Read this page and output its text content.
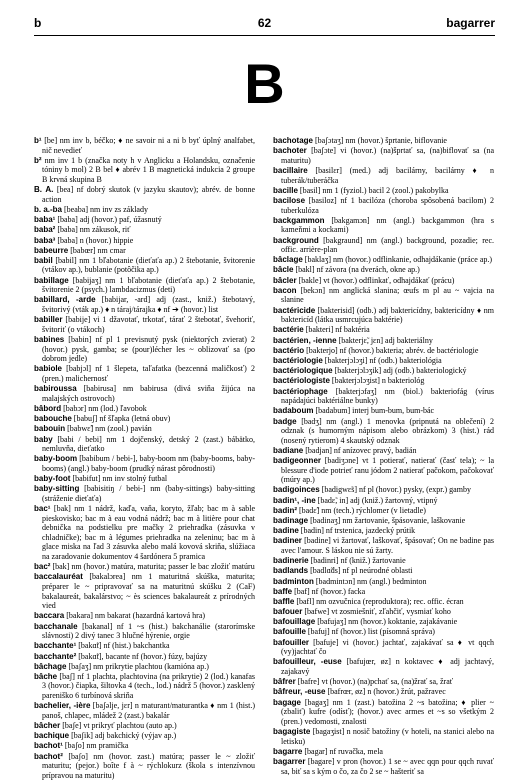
b	62	bagarrer
B
b¹ [be] nm inv b, béčko; ♦ ne savoir ni a ni b byť úplný analfabet, nič nevedieť
b² nm inv 1 b (značka noty h v Anglicku a Holandsku, označenie tóniny b mol) 2 B bel ♦ abrév 1 B magnetická indukcia 2 groupe B krvná skupina B
B. A. [bea] nf dobrý skutok (v jazyku skautov); abrév. de bonne action
b. a.-ba [beaba] nm inv zs základy
baba¹ [baba] adj (hovor.) paf, úžasnutý
baba² [baba] nm zákusok, riť
baba³ [baba] n (hovor.) hippie
babeurre [babœr] nm cmar
babil [babil] nm 1 bľabotanie (dieťaťa ap.) 2 štebotanie, švitorenie (vtákov ap.), bublanie (potôčika ap.)
babillage [babijaʒ] nm 1 bľabotanie (dieťaťa ap.) 2 štebotanie, švitorenie 2 (psych.) lambdacizmus (deti)
babillard, -arde [babijar, -ard] adj (zast., kniž.) štebotavý, švitorivý (vták ap.) ♦ n táraj/tárajka ♦ nf ➔ (hovor.) list
babiller [babije] vi 1 džavotať, trkotať, tárať 2 štebotať, švehoriť, švitoriť (o vtákoch)
babines [babin] nf pl 1 previsnutý pysk (niektorých zvierat) 2 (hovor.) pysk, gamba; se (pour)lécher les ~ oblizovať sa (po dobrom jedle)
babiole [babjɔl] nf 1 šlepeta, taľafatka (bezcenná maličkosť) 2 (pren.) malichernosť
babiroussa [babirusa] nm babirusa (divá sviňa žijúca na malajských ostrovoch)
bâbord [babɔr] nm (lod.) ľavobok
babouche [babuʃ] nf šľapka (letná obuv)
babouin [babwɛ̃] nm (zool.) pavián
baby [babi / bebi] nm 1 dojčenský, detský 2 (zast.) bábätko, nemluvňa, dieťatko
baby-boom [babibum / bebi-], baby-boom nm (baby-booms, baby-booms) (angl.) baby-boom (prudký nárast pôrodnosti)
baby-foot [babifut] nm inv stolný futbal
baby-sitting [babisitiŋ / bebi-] nm (baby-sittings) baby-sitting (stráženie dieťaťa)
bac¹ [bak] nm 1 nádrž, kaďa, vaňa, koryto, žľab; bac m à sable pieskovisko; bac m à eau vodná nádrž; bac m à litière pour chat debnička na podstielku pre mačky 2 priehradka (zásuvka v chladničke); bac m à légumes priehradka na zeleninu; bac m à glace miska na ľad 3 zásuvka alebo malá kovová skriňa, slúžiaca na zaradovanie dokumentov 4 šardónera 5 pramica
bac² [bak] nm (hovor.) matúra, maturita; passer le bac zložiť matúru
baccalauréat [bakalɔrea] nm 1 maturitná skúška, maturita; préparer le ~ pripravovať sa na maturitnú skúšku 2 (CaF) bakalaureát, bakalárstvo; ~ ès sciences bakalaureát z prírodných vied
baccara [bakara] nm bakarat (hazardná kartová hra)
bacchanale [bakanal] nf 1 ~s (hist.) bakchanálie (starorímske slávnosti) 2 divý tanec 3 hlučné hýrenie, orgie
bacchante¹ [bakɑ̃t] nf (hist.) bakchantka
bacchante² [bakɑ̃t], bacante nf (hovor.) fúzy, bajúzy
bâchage [baʃaʒ] nm prikrytie plachtou (kamióna ap.)
bâche [baʃ] nf 1 plachta, plachtovina (na prikrytie) 2 (lod.) kanafas 3 (hovor.) čiapka, šiltovka 4 (tech., lod.) nádrž 5 (hovor.) zasklený pareniško 6 turbínová skriňa
bachelier, -ière [baʃəlje, jɛr] n maturant/maturantka ♦ nm 1 (hist.) panoš, chlapec, mládež 2 (zast.) bakalár
bâcher [baʃe] vt prikryť plachtou (auto ap.)
bachique [baʃik] adj bakchický (výjav ap.)
bachot¹ [baʃo] nm pramička
bachot² [baʃo] nm (hovor. zast.) matúra; passer le ~ zložiť maturitu; (pejor.) boîte f à ~ rýchlokurz (škola s intenzívnou prípravou na maturitu)
bachotage [baʃɔtaʒ] nm (hovor.) šprtanie, biflovanie
bachoter [baʃɔte] vi (hovor.) (na)šprtať sa, (na)biflovať sa (na maturitu)
bacillaire [basilɛr] (med.) adj bacilárny, bacilárny ♦ n tuberák/tuberáčka
bacille [basil] nm 1 (fyziol.) bacil 2 (zool.) pakobylka
bacilose [basiloz] nf 1 bacilóza (choroba spôsobená bacilom) 2 tuberkulóza
backgammon [bakgamɔn] nm (angl.) backgammon (hra s kameňmi a kockami)
background [bakgraund] nm (angl.) background, pozadie; rec. offic. arrière-plan
bâclage [baklaʒ] nm (hovor.) odflinkanie, odhajdákanie (práce ap.)
bâcle [bakl] nf závora (na dverách, okne ap.)
bâcler [bakle] vt (hovor.) odflinkať, odhajdákať (prácu)
bacon [bekɔn] nm anglická slanina; œufs m pl au ~ vajcia na slanine
bactéricide [bakterisid] (odb.) adj baktericídny, baktericídny ♦ nm baktericíd (látka usmrcujúca baktérie)
bactérie [bakteri] nf baktéria
bactérien, -ienne [bakterjɛ̃, jɛn] adj bakteriálny
bactério [bakterjo] nf (hovor.) bakteria; abrév. de bactériologie
bactériologie [bakterjɔlɔʒi] nf (odb.) bakteriológia
bactériologique [bakterjɔlɔʒik] adj (odb.) bakteriologický
bactériologiste [bakterjɔlɔʒist] n bakteriológ
bactériophage [bakterjɔfaʒ] nm (biol.) bakteriofág (vírus napádajúci baktériálne bunky)
badaboum [badabum] interj bum-bum, bum-bác
badge [badʒ] nm (angl.) 1 menovka (pripnutá na oblečení) 2 odznak (s humorným nápisom alebo obrázkom) 3 (hist.) rád (nosený rytierom) 4 skautský odznak
badiane [badjan] nf anízovec pravý, badián
badigeonner [badiʒɔne] vt 1 potierať, natierať (časť tela); ~ la blessure d'iode potrieť ranu jódom 2 natierať pačokom, pačokovať (múry ap.)
badigoinces [badigwɛ̃s] nf pl (hovor.) pysky, (expr.) gamby
badin¹, -ine [badɛ̃, in] adj (kniž.) žartovný, vtipný
badin² [badɛ̃] nm (tech.) rýchlomer (v lietadle)
badinage [badinaʒ] nm žartovanie, špásovanie, laškovanie
badine [badin] nf trstenica, jazdecký prútik
badiner [badine] vi žartovať, laškovať, špásovať; On ne badine pas avec l'amour. S láskou nie sú žarty.
badinerie [badinri] nf (kniž.) žartovanie
badlands [badlɑ̃ds] nf pl neúrodné oblasti
badminton [badmintɔn] nm (angl.) bedminton
baffe [baf] nf (hovor.) facka
baffle [bafl] nm ozvučnica (reproduktora); rec. offic. écran
bafouer [bafwe] vt zosmiešniť, zľahčiť, vysmiať koho
bafouillage [bafujaʒ] nm (hovor.) koktanie, zajakávanie
bafouille [bafuj] nf (hovor.) list (písomná správa)
bafouiller [bafuje] vi (hovor.) jachtať, zajakávať sa ♦ vt qqch (vy)jachtať čo
bafouilleur, -euse [bafujœr, øz] n koktavec ♦ adj jachtavý, zajakavý
bâfrer [bafre] vt (hovor.) (na)pchať sa, (na)žrať sa, žrať
bâfreur, -euse [bafrœr, øz] n (hovor.) žrút, pažravec
bagage [bagaʒ] nm 1 (zast.) batožina 2 ~s batožina; ♦ plier ~ (zbaliť) kufre (odísť); (hovor.) avec armes et ~s so všetkým 2 (pren.) vedomosti, znalosti
bagagiste [bagaʒist] n nosič batožiny (v hoteli, na stanici alebo na letisku)
bagarre [bagar] nf ruvačka, mela
bagarrer [bagare] v pron (hovor.) 1 se ~ avec qqn pour qqch ruvať sa, biť sa s kým o čo, za čo 2 se ~ hašteriť sa
